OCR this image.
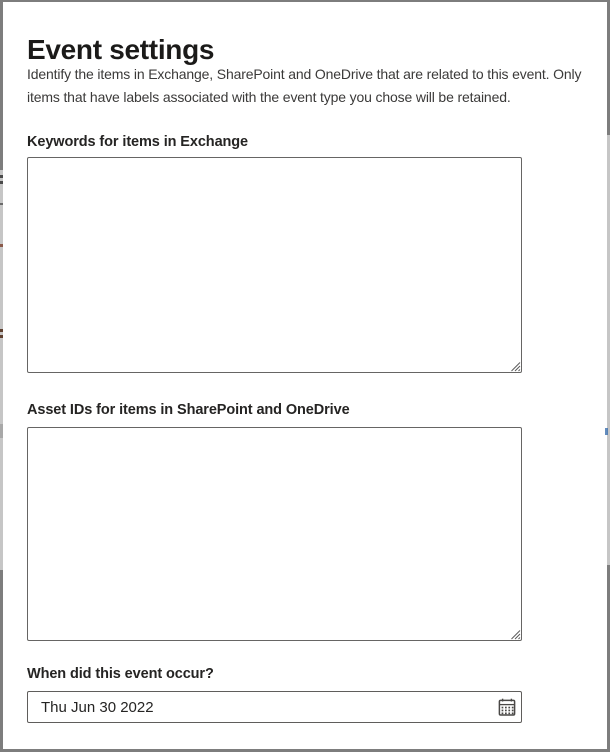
Event settings
Identify the items in Exchange, SharePoint and OneDrive that are related to this event. Only
items that have labels associated with the event type you chose will be retained.
Keywords for items in Exchange
Asset IDs for items in SharePoint and OneDrive
When did this event occur?
Thu Jun 30 2022
